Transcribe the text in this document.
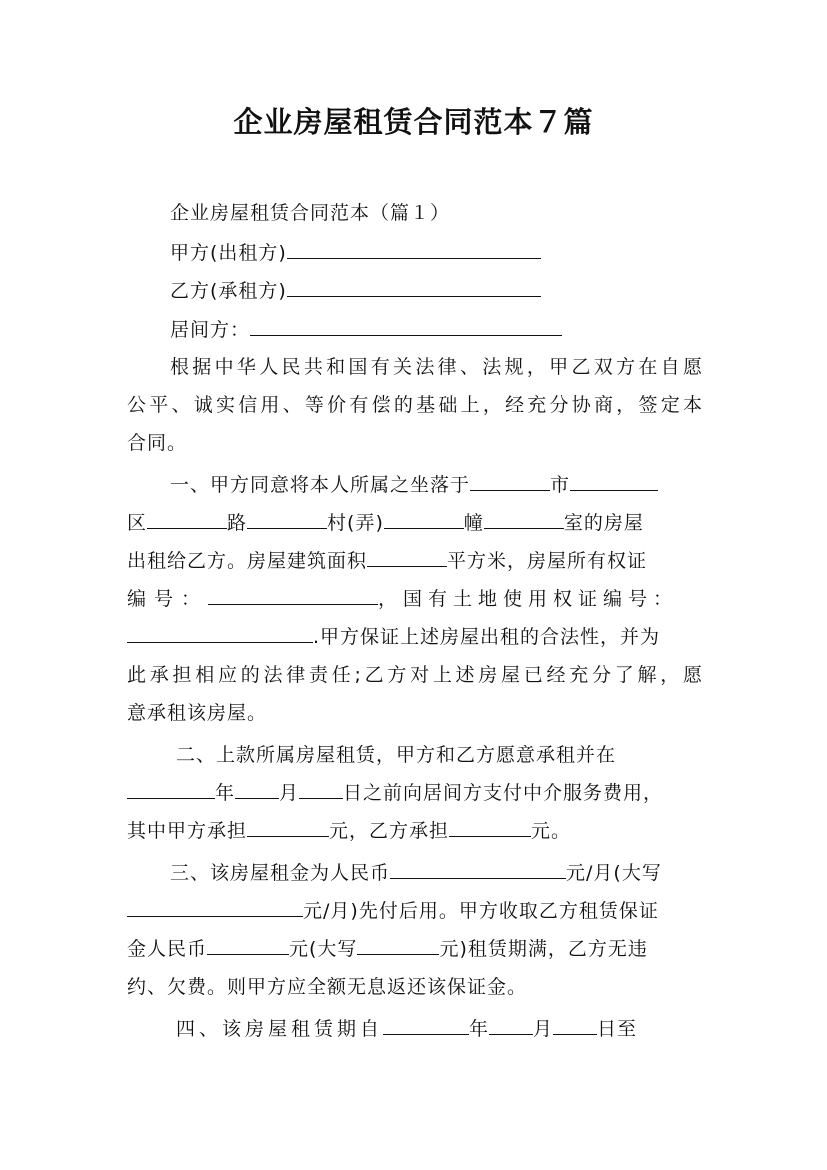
企业房屋租赁合同范本７篇
企业房屋租赁合同范本（篇１）
甲方(出租方)
乙方(承租方)
居间方：
根据中华人民共和国有关法律、法规，甲乙双方在自愿
公平、诚实信用、等价有偿的基础上，经充分协商，签定本
合同。
一、甲方同意将本人所属之坐落于	市
区	路	村(弄)	幢	室的房屋
出租给乙方。房屋建筑面积	平方米，房屋所有权证
编号：	，国有土地使用权证编号：
.甲方保证上述房屋出租的合法性，并为
此承担相应的法律责任;乙方对上述房屋已经充分了解，愿
意承租该房屋。
二、上款所属房屋租赁，甲方和乙方愿意承租并在
年 月 日之前向居间方支付中介服务费用，
其中甲方承担	元，乙方承担	元。
三、该房屋租金为人民币	元/月(大写
元/月)先付后用。甲方收取乙方租赁保证
金人民币	元(大写	元)租赁期满，乙方无违
约、欠费。则甲方应全额无息返还该保证金。
四、该房屋租赁期自	年 月 日至
